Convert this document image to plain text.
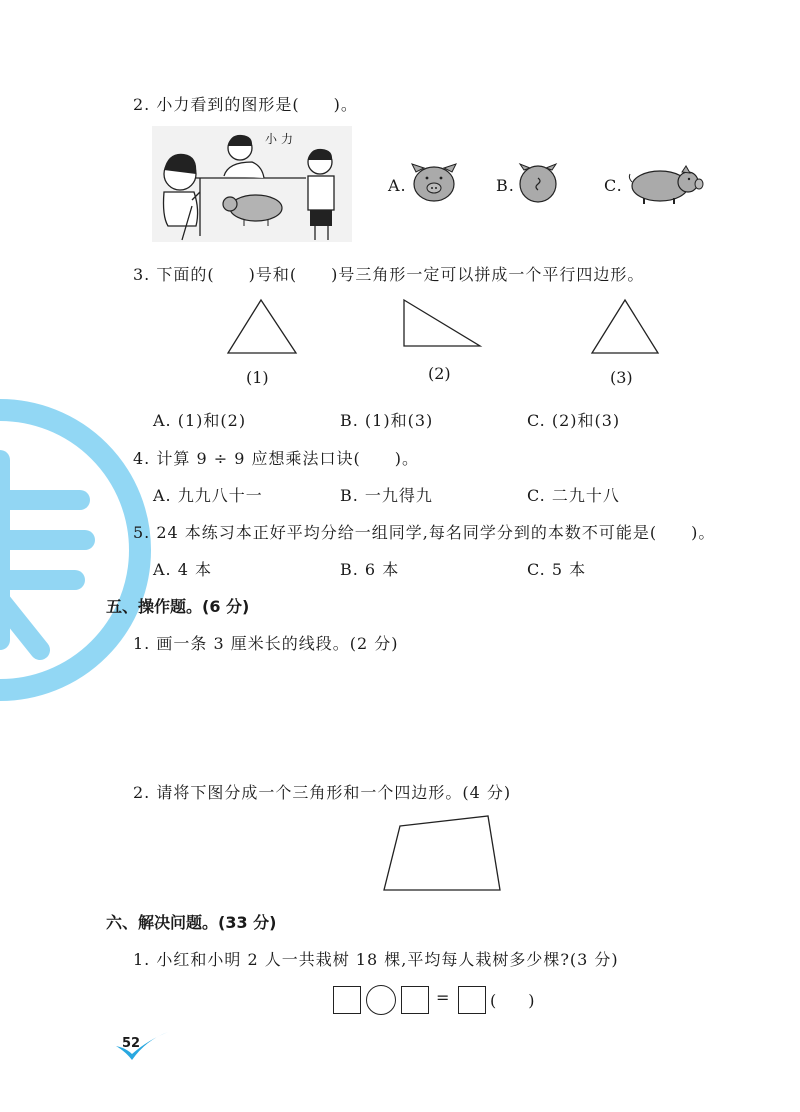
2. 小力看到的图形是(　　)。
小力
A.	B.	C.
3. 下面的(　　)号和(　　)号三角形一定可以拼成一个平行四边形。
(1)	(2)	(3)
A. (1)和(2)	B. (1)和(3)	C. (2)和(3)
4. 计算 9 ÷ 9 应想乘法口诀(　　)。
A. 九九八十一	B. 一九得九	C. 二九十八
5. 24 本练习本正好平均分给一组同学,每名同学分到的本数不可能是(　　)。
A. 4 本	B. 6 本	C. 5 本
五、操作题。(6 分)
1. 画一条 3 厘米长的线段。(2 分)
2. 请将下图分成一个三角形和一个四边形。(4 分)
六、解决问题。(33 分)
1. 小红和小明 2 人一共栽树 18 棵,平均每人栽树多少棵?(3 分)
=	(　　)
52
